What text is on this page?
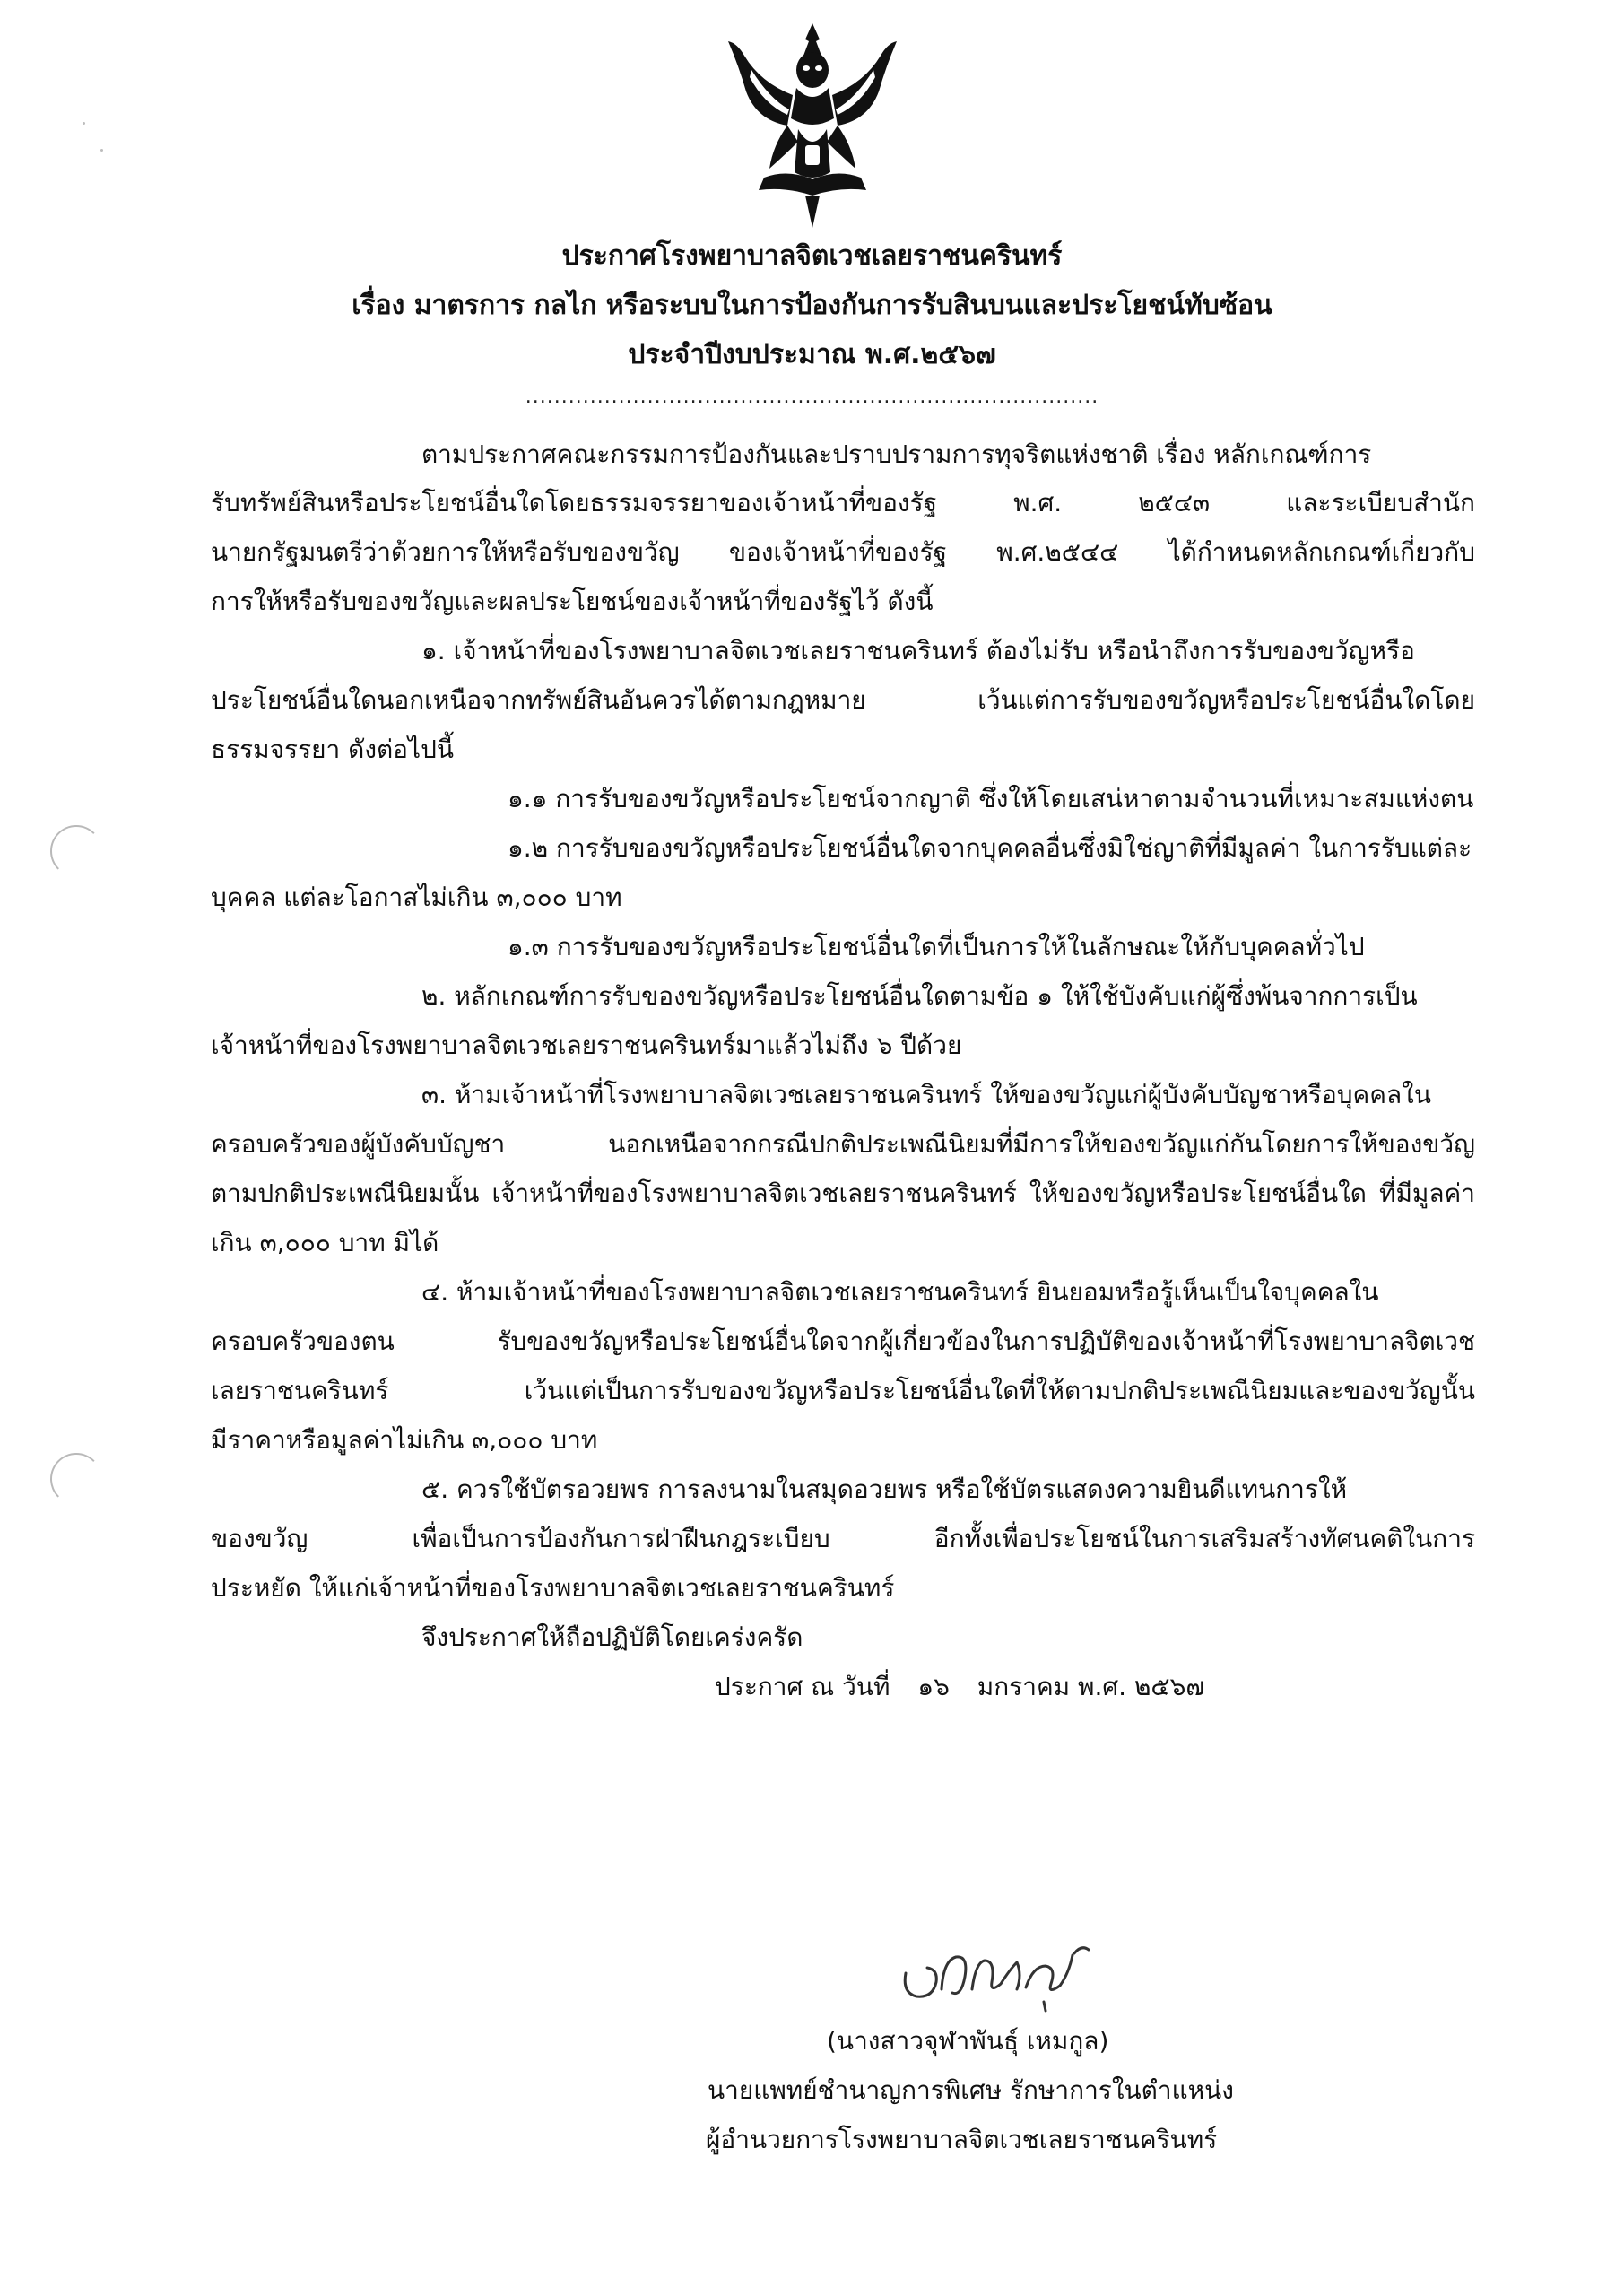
ประกาศโรงพยาบาลจิตเวชเลยราชนครินทร์

เรื่อง มาตรการ กลไก หรือระบบในการป้องกันการรับสินบนและประโยชน์ทับซ้อน

ประจำปีงบประมาณ พ.ศ.๒๕๖๗

................................................................................

ตามประกาศคณะกรรมการป้องกันและปราบปรามการทุจริตแห่งชาติ เรื่อง หลักเกณฑ์การ

รับทรัพย์สินหรือประโยชน์อื่นใดโดยธรรมจรรยาของเจ้าหน้าที่ของรัฐ พ.ศ. ๒๕๔๓ และระเบียบสำนัก

นายกรัฐมนตรีว่าด้วยการให้หรือรับของขวัญ ของเจ้าหน้าที่ของรัฐ พ.ศ.๒๕๔๔ ได้กำหนดหลักเกณฑ์เกี่ยวกับ

การให้หรือรับของขวัญและผลประโยชน์ของเจ้าหน้าที่ของรัฐไว้ ดังนี้

๑. เจ้าหน้าที่ของโรงพยาบาลจิตเวชเลยราชนครินทร์ ต้องไม่รับ หรือนำถึงการรับของขวัญหรือ

ประโยชน์อื่นใดนอกเหนือจากทรัพย์สินอันควรได้ตามกฎหมาย เว้นแต่การรับของขวัญหรือประโยชน์อื่นใดโดย

ธรรมจรรยา ดังต่อไปนี้

๑.๑ การรับของขวัญหรือประโยชน์จากญาติ ซึ่งให้โดยเสน่หาตามจำนวนที่เหมาะสมแห่งตน

๑.๒ การรับของขวัญหรือประโยชน์อื่นใดจากบุคคลอื่นซึ่งมิใช่ญาติที่มีมูลค่า ในการรับแต่ละ

บุคคล แต่ละโอกาสไม่เกิน ๓,๐๐๐ บาท

๑.๓ การรับของขวัญหรือประโยชน์อื่นใดที่เป็นการให้ในลักษณะให้กับบุคคลทั่วไป

๒. หลักเกณฑ์การรับของขวัญหรือประโยชน์อื่นใดตามข้อ ๑ ให้ใช้บังคับแก่ผู้ซึ่งพ้นจากการเป็น

เจ้าหน้าที่ของโรงพยาบาลจิตเวชเลยราชนครินทร์มาแล้วไม่ถึง ๖ ปีด้วย

๓. ห้ามเจ้าหน้าที่โรงพยาบาลจิตเวชเลยราชนครินทร์ ให้ของขวัญแก่ผู้บังคับบัญชาหรือบุคคลใน

ครอบครัวของผู้บังคับบัญชา นอกเหนือจากกรณีปกติประเพณีนิยมที่มีการให้ของขวัญแก่กันโดยการให้ของขวัญ

ตามปกติประเพณีนิยมนั้น เจ้าหน้าที่ของโรงพยาบาลจิตเวชเลยราชนครินทร์ ให้ของขวัญหรือประโยชน์อื่นใด ที่มีมูลค่า

เกิน ๓,๐๐๐ บาท มิได้

๔. ห้ามเจ้าหน้าที่ของโรงพยาบาลจิตเวชเลยราชนครินทร์ ยินยอมหรือรู้เห็นเป็นใจบุคคลใน

ครอบครัวของตน รับของขวัญหรือประโยชน์อื่นใดจากผู้เกี่ยวข้องในการปฏิบัติของเจ้าหน้าที่โรงพยาบาลจิตเวช

เลยราชนครินทร์ เว้นแต่เป็นการรับของขวัญหรือประโยชน์อื่นใดที่ให้ตามปกติประเพณีนิยมและของขวัญนั้น

มีราคาหรือมูลค่าไม่เกิน ๓,๐๐๐ บาท

๕. ควรใช้บัตรอวยพร การลงนามในสมุดอวยพร หรือใช้บัตรแสดงความยินดีแทนการให้

ของขวัญ เพื่อเป็นการป้องกันการฝ่าฝืนกฎระเบียบ อีกทั้งเพื่อประโยชน์ในการเสริมสร้างทัศนคติในการ

ประหยัด ให้แก่เจ้าหน้าที่ของโรงพยาบาลจิตเวชเลยราชนครินทร์

จึงประกาศให้ถือปฏิบัติโดยเคร่งครัด

ประกาศ ณ วันที่ ๑๖ มกราคม พ.ศ. ๒๕๖๗

(นางสาวจุฬาพันธุ์ เหมกูล)

นายแพทย์ชำนาญการพิเศษ รักษาการในตำแหน่ง

ผู้อำนวยการโรงพยาบาลจิตเวชเลยราชนครินทร์
